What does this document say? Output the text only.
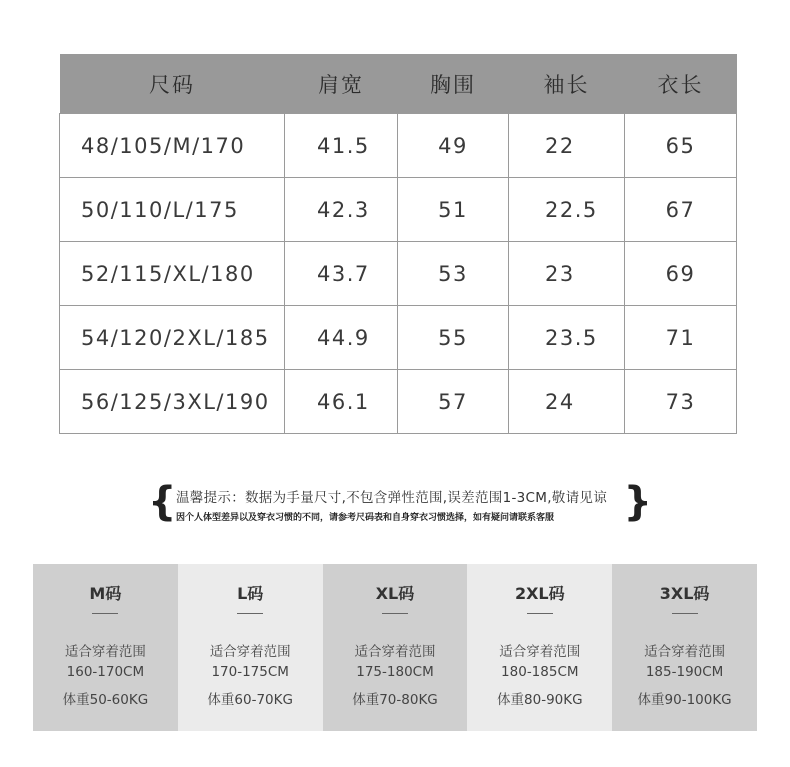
尺码	肩宽	胸围	袖长	衣长
48/105/M/170	41.5	49	22	65
50/110/L/175	42.3	51	22.5	67
52/115/XL/180	43.7	53	23	69
54/120/2XL/185	44.9	55	23.5	71
56/125/3XL/190	46.1	57	24	73
{ 温馨提示：数据为手量尺寸,不包含弹性范围,误差范围1-3CM,敬请见谅
因个人体型差异以及穿衣习惯的不同，请参考尺码表和自身穿衣习惯选择，如有疑问请联系客服 }
M码
适合穿着范围
160-170CM
体重50-60KG
L码
适合穿着范围
170-175CM
体重60-70KG
XL码
适合穿着范围
175-180CM
体重70-80KG
2XL码
适合穿着范围
180-185CM
体重80-90KG
3XL码
适合穿着范围
185-190CM
体重90-100KG
